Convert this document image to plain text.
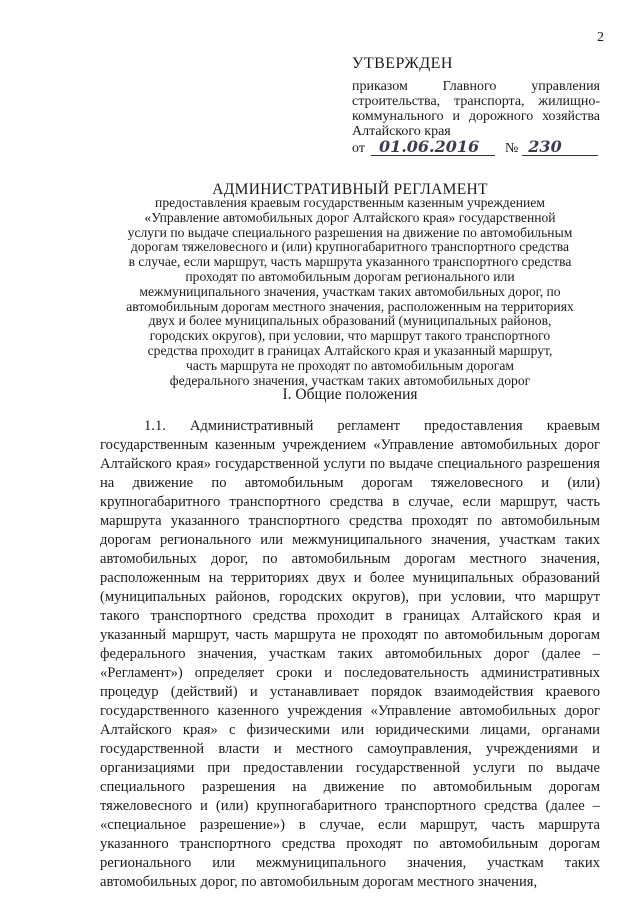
2
УТВЕРЖДЕН
приказом Главного управления строительства, транспорта, жилищно-коммунального и дорожного хозяйства Алтайского края
от 01.06.2016	№ 230
АДМИНИСТРАТИВНЫЙ РЕГЛАМЕНТ
предоставления краевым государственным казенным учреждением
«Управление автомобильных дорог Алтайского края» государственной
услуги по выдаче специального разрешения на движение по автомобильным
дорогам тяжеловесного и (или) крупногабаритного транспортного средства
в случае, если маршрут, часть маршрута указанного транспортного средства
проходят по автомобильным дорогам регионального или
межмуниципального значения, участкам таких автомобильных дорог, по
автомобильным дорогам местного значения, расположенным на территориях
двух и более муниципальных образований (муниципальных районов,
городских округов), при условии, что маршрут такого транспортного
средства проходит в границах Алтайского края и указанный маршрут,
часть маршрута не проходят по автомобильным дорогам
федерального значения, участкам таких автомобильных дорог
I. Общие положения

1.1. Административный регламент предоставления краевым государственным казенным учреждением «Управление автомобильных дорог Алтайского края» государственной услуги по выдаче специального разрешения на движение по автомобильным дорогам тяжеловесного и (или) крупногабаритного транспортного средства в случае, если маршрут, часть маршрута указанного транспортного средства проходят по автомобильным дорогам регионального или межмуниципального значения, участкам таких автомобильных дорог, по автомобильным дорогам местного значения, расположенным на территориях двух и более муниципальных образований (муниципальных районов, городских округов), при условии, что маршрут такого транспортного средства проходит в границах Алтайского края и указанный маршрут, часть маршрута не проходят по автомобильным дорогам федерального значения, участкам таких автомобильных дорог (далее – «Регламент») определяет сроки и последовательность административных процедур (действий) и устанавливает порядок взаимодействия краевого государственного казенного учреждения «Управление автомобильных дорог Алтайского края» с физическими или юридическими лицами, органами государственной власти и местного самоуправления, учреждениями и организациями при предоставлении государственной услуги по выдаче специального разрешения на движение по автомобильным дорогам тяжеловесного и (или) крупногабаритного транспортного средства (далее – «специальное разрешение») в случае, если маршрут, часть маршрута указанного транспортного средства проходят по автомобильным дорогам регионального или межмуниципального значения, участкам таких автомобильных дорог, по автомобильным дорогам местного значения,
